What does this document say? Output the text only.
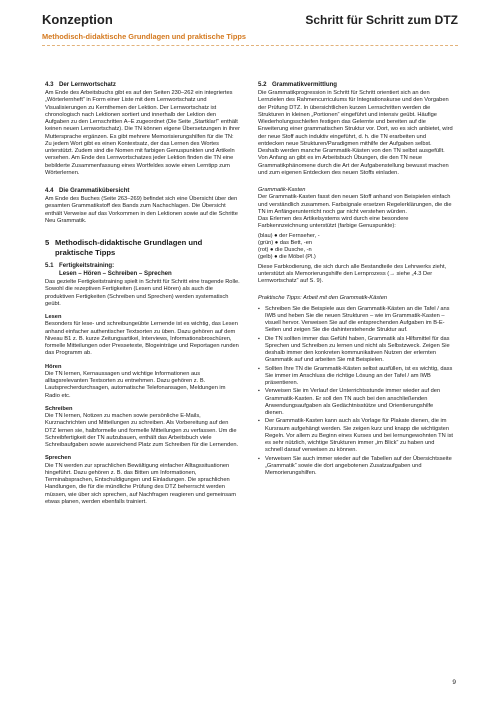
Konzeption	Schritt für Schritt zum DTZ
Methodisch-didaktische Grundlagen und praktische Tipps
4.3 Der Lernwortschatz

Am Ende des Arbeitsbuchs gibt es auf den Seiten 230–262 ein integriertes „Wörterlernheft“ in Form einer Liste mit dem Lernwortschatz und Visualisierungen zu Kernthemen der Lektion. Der Lernwortschatz ist chronologisch nach Lektionen sortiert und innerhalb der Lektion den Aufgaben zu den Lernschritten A–E zugeordnet (Die Seite „Startklar!“ enthält keinen neuen Lernwortschatz). Die TN können eigene Übersetzungen in ihrer Muttersprache ergänzen. Es gibt mehrere Memorisierungshilfen für die TN: Zu jedem Wort gibt es einen Kontextsatz, der das Lernen des Wortes unterstützt. Zudem sind die Nomen mit farbigen Genuspunkten und Artikeln versehen. Am Ende des Lernwortschatzes jeder Lektion finden die TN eine bebilderte Zusammenfassung eines Wortfeldes sowie einen Lerntipp zum Wörterlernen.

4.4 Die Grammatikübersicht

Am Ende des Buches (Seite 263–269) befindet sich eine Übersicht über den gesamten Grammatikstoff des Bands zum Nachschlagen. Die Übersicht enthält Verweise auf das Vorkommen in den Lektionen sowie auf die Schritte Neu Grammatik.

5 Methodisch-didaktische Grundlagen und
praktische Tipps
5.1 Fertigkeitstraining:
Lesen – Hören – Schreiben – Sprechen

Das gezielte Fertigkeitstraining spielt in Schritt für Schritt eine tragende Rolle. Sowohl die rezeptiven Fertigkeiten (Lesen und Hören) als auch die produktiven Fertigkeiten (Schreiben und Sprechen) werden systematisch geübt.

Lesen

Besonders für lese- und schreibungeübte Lernende ist es wichtig, das Lesen anhand einfacher authentischer Textsorten zu üben. Dazu gehören auf dem Niveau B1 z. B. kurze Zeitungsartikel, Interviews, Informationsbroschüren, formelle Mitteilungen oder Pressetexte, Blogeinträge und Reportagen runden das Programm ab.

Hören

Die TN lernen, Kernaussagen und wichtige Informationen aus alltagsrelevanten Textsorten zu entnehmen. Dazu gehören z. B. Lautsprecherdurchsagen, automatische Telefonansagen, Meldungen im Radio etc.

Schreiben

Die TN lernen, Notizen zu machen sowie persönliche E-Mails, Kurznachrichten und Mitteilungen zu schreiben. Als Vorbereitung auf den DTZ lernen sie, halbformelle und formelle Mitteilungen zu verfassen. Um die Schreibfertigkeit der TN aufzubauen, enthält das Arbeitsbuch viele Schreibaufgaben sowie ausreichend Platz zum Schreiben für die Lernenden.

Sprechen

Die TN werden zur sprachlichen Bewältigung einfacher Alltagssituationen hingeführt. Dazu gehören z. B. das Bitten um Informationen, Terminabsprachen, Entschuldigungen und Einladungen. Die sprachlichen Handlungen, die für die mündliche Prüfung des DTZ beherrscht werden müssen, wie über sich sprechen, auf Nachfragen reagieren und gemeinsam etwas planen, werden ebenfalls trainiert.

5.2 Grammatikvermittlung

Die Grammatikprogression in Schritt für Schritt orientiert sich an den Lernzielen des Rahmencurriculums für Integrationskurse und den Vorgaben der Prüfung DTZ. In übersichtlichen kurzen Lernschritten werden die Strukturen in kleinen „Portionen“ eingeführt und intensiv geübt. Häufige Wiederholungsschleifen festigen das Gelernte und bereiten auf die Erweiterung einer grammatischen Struktur vor. Dort, wo es sich anbietet, wird der neue Stoff auch induktiv eingeführt, d. h. die TN erarbeiten und entdecken neue Strukturen/Paradigmen mithilfe der Aufgaben selbst. Deshalb werden manche Grammatik-Kästen von den TN selbst ausgefüllt.

Von Anfang an gibt es im Arbeitsbuch Übungen, die den TN neue Grammatikphänomene durch die Art der Aufgabenstellung bewusst machen und zum eigenen Entdecken des neuen Stoffs einladen.

Grammatik-Kasten

Der Grammatik-Kasten fasst den neuen Stoff anhand von Beispielen einfach und verständlich zusammen. Farbsignale ersetzen Regelerklärungen, die die TN im Anfängerunterricht noch gar nicht verstehen würden.

Das Erlernen des Artikelsystems wird durch eine besondere Farbkennzeichnung unterstützt (farbige Genuspunkte):

(blau) ● der Fernseher, -
(grün) ● das Bett, -en
(rot) ● die Dusche, -n
(gelb) ● die Möbel (Pl.)

Diese Farbkodierung, die sich durch alle Bestandteile des Lehrwerks zieht, unterstützt als Memorierungshilfe den Lernprozess (→ siehe „4.3 Der Lernwortschatz“ auf S. 9).

Praktische Tipps: Arbeit mit den Grammatik-Kästen
▪ Schreiben Sie die Beispiele aus den Grammatik-Kästen an die Tafel / ans IWB und heben Sie die neuen Strukturen – wie im Grammatik-Kasten – visuell hervor. Verweisen Sie auf die entsprechenden Aufgaben im B-E-Seiten und zeigen Sie die dahinterstehende Struktur auf.
▪ Die TN sollten immer das Gefühl haben, Grammatik als Hilfsmittel für das Sprechen und Schreiben zu lernen und nicht als Selbstzweck. Zeigen Sie deshalb immer den konkreten kommunikativen Nutzen der erlernten Grammatik auf und arbeiten Sie mit Beispielen.
▪ Sollten Ihre TN die Grammatik-Kästen selbst ausfüllen, ist es wichtig, dass Sie immer im Anschluss die richtige Lösung an der Tafel / am IWB präsentieren.
▪ Verweisen Sie im Verlauf der Unterrichtsstunde immer wieder auf den Grammatik-Kasten. Er soll den TN auch bei den anschließenden Anwendungsaufgaben als Gedächtnisstütze und Orientierungshilfe dienen.
▪ Der Grammatik-Kasten kann auch als Vorlage für Plakate dienen, die im Kursraum aufgehängt werden. Sie zeigen kurz und knapp die wichtigsten Regeln. Vor allem zu Beginn eines Kurses und bei lernungewohnten TN ist es sehr nützlich, wichtige Strukturen immer „im Blick“ zu haben und schnell darauf verweisen zu können.
▪ Verweisen Sie auch immer wieder auf die Tabellen auf der Übersichtsseite „Grammatik“ sowie die dort angebotenen Zusatzaufgaben und Memorierungshilfen.
9
